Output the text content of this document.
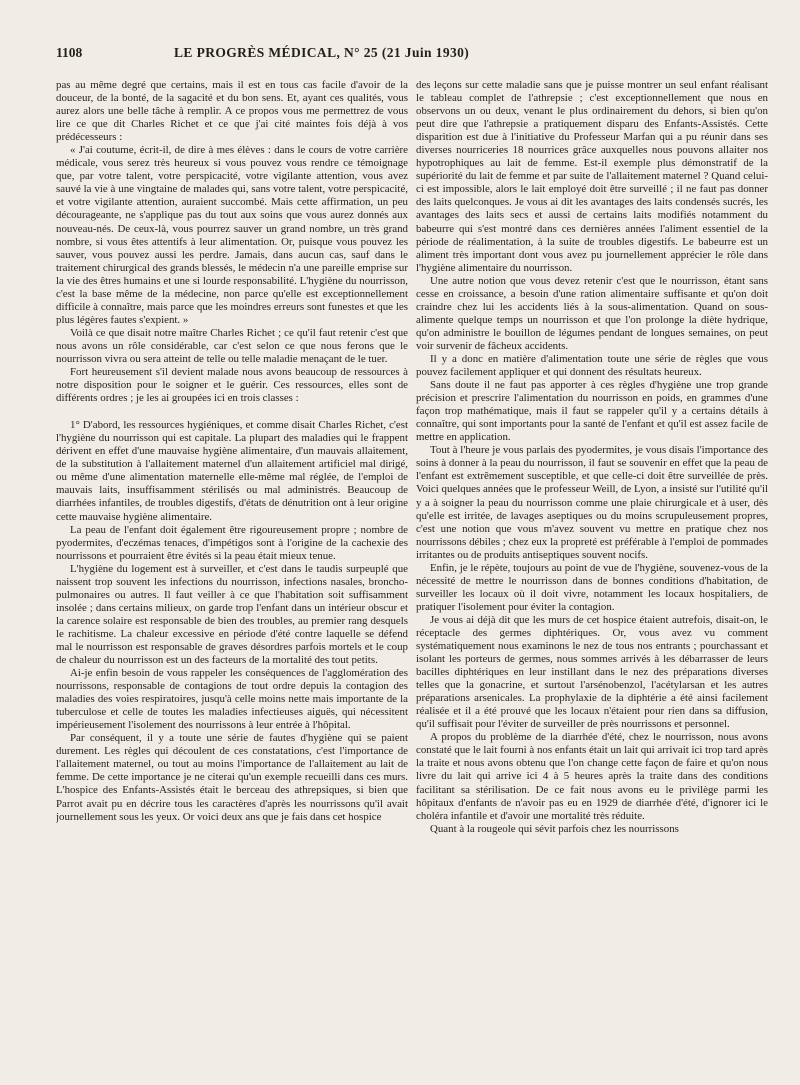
1108	LE PROGRÈS MÉDICAL, N° 25 (21 Juin 1930)

pas au même degré que certains, mais il est en tous cas facile d'avoir de la douceur, de la bonté, de la sagacité et du bon sens. Et, ayant ces qualités, vous aurez alors une belle tâche à remplir. A ce propos vous me permettrez de vous lire ce que dit Charles Richet et ce que j'ai cité maintes fois déjà à vos prédécesseurs :

« J'ai coutume, écrit-il, de dire à mes élèves : dans le cours de votre carrière médicale, vous serez très heureux si vous pouvez vous rendre ce témoignage que, par votre talent, votre perspicacité, votre vigilante attention, vous avez sauvé la vie à une vingtaine de malades qui, sans votre talent, votre perspicacité, et votre vigilante attention, auraient succombé. Mais cette affirmation, un peu décourageante, ne s'applique pas du tout aux soins que vous aurez donnés aux nouveau-nés. De ceux-là, vous pourrez sauver un grand nombre, un très grand nombre, si vous êtes attentifs à leur alimentation. Or, puisque vous pouvez les sauver, vous pouvez aussi les perdre. Jamais, dans aucun cas, sauf dans le traitement chirurgical des grands blessés, le médecin n'a une pareille emprise sur la vie des êtres humains et une si lourde responsabilité. L'hygiène du nourrisson, c'est la base même de la médecine, non parce qu'elle est exceptionnellement difficile à connaître, mais parce que les moindres erreurs sont funestes et que les plus légères fautes s'expient. »

Voilà ce que disait notre maître Charles Richet ; ce qu'il faut retenir c'est que nous avons un rôle considérable, car c'est selon ce que nous ferons que le nourrisson vivra ou sera atteint de telle ou telle maladie menaçant de le tuer.

Fort heureusement s'il devient malade nous avons beaucoup de ressources à notre disposition pour le soigner et le guérir. Ces ressources, elles sont de différents ordres ; je les ai groupées ici en trois classes :

1° D'abord, les ressources hygiéniques, et comme disait Charles Richet, c'est l'hygiène du nourrisson qui est capitale. La plupart des maladies qui le frappent dérivent en effet d'une mauvaise hygiène alimentaire, d'un mauvais allaitement, de la substitution à l'allaitement maternel d'un allaitement artificiel mal dirigé, ou même d'une alimentation maternelle elle-même mal réglée, de l'emploi de mauvais laits, insuffisamment stérilisés ou mal administrés. Beaucoup de diarrhées infantiles, de troubles digestifs, d'états de dénutrition ont à leur origine cette mauvaise hygiène alimentaire.

La peau de l'enfant doit également être rigoureusement propre ; nombre de pyodermites, d'eczémas tenaces, d'impétigos sont à l'origine de la cachexie des nourrissons et pourraient être évités si la peau était mieux tenue.

L'hygiène du logement est à surveiller, et c'est dans le taudis surpeuplé que naissent trop souvent les infections du nourrisson, infections nasales, broncho-pulmonaires ou autres. Il faut veiller à ce que l'habitation soit suffisamment insolée ; dans certains milieux, on garde trop l'enfant dans un intérieur obscur et la carence solaire est responsable de bien des troubles, au premier rang desquels le rachitisme. La chaleur excessive en période d'été contre laquelle se défend mal le nourrisson est responsable de graves désordres parfois mortels et le coup de chaleur du nourrisson est un des facteurs de la mortalité des tout petits.

Ai-je enfin besoin de vous rappeler les conséquences de l'agglomération des nourrissons, responsable de contagions de tout ordre depuis la contagion des maladies des voies respiratoires, jusqu'à celle moins nette mais importante de la tuberculose et celle de toutes les maladies infectieuses aiguës, qui nécessitent impérieusement l'isolement des nourrissons à leur entrée à l'hôpital.

Par conséquent, il y a toute une série de fautes d'hygiène qui se paient durement. Les règles qui découlent de ces constatations, c'est l'importance de l'allaitement maternel, ou tout au moins l'importance de l'allaitement au lait de femme. De cette importance je ne citerai qu'un exemple recueilli dans ces murs. L'hospice des Enfants-Assistés était le berceau des athrepsiques, si bien que Parrot avait pu en décrire tous les caractères d'après les nourrissons qu'il avait journellement sous les yeux. Or voici deux ans que je fais dans cet hospice

des leçons sur cette maladie sans que je puisse montrer un seul enfant réalisant le tableau complet de l'athrepsie ; c'est exceptionnellement que nous en observons un ou deux, venant le plus ordinairement du dehors, si bien qu'on peut dire que l'athrepsie a pratiquement disparu des Enfants-Assistés. Cette disparition est due à l'initiative du Professeur Marfan qui a pu réunir dans ses diverses nourriceries 18 nourrices grâce auxquelles nous pouvons allaiter nos hypotrophiques au lait de femme. Est-il exemple plus démonstratif de la supériorité du lait de femme et par suite de l'allaitement maternel ? Quand celui-ci est impossible, alors le lait employé doit être surveillé ; il ne faut pas donner des laits quelconques. Je vous ai dit les avantages des laits condensés sucrés, les avantages des laits secs et aussi de certains laits modifiés notamment du babeurre qui s'est montré dans ces dernières années l'aliment essentiel de la période de réalimentation, à la suite de troubles digestifs. Le babeurre est un aliment très important dont vous avez pu journellement apprécier le rôle dans l'hygiène alimentaire du nourrisson.

Une autre notion que vous devez retenir c'est que le nourrisson, étant sans cesse en croissance, a besoin d'une ration alimentaire suffisante et qu'on doit craindre chez lui les accidents liés à la sous-alimentation. Quand on sous-alimente quelque temps un nourrisson et que l'on prolonge la diète hydrique, qu'on administre le bouillon de légumes pendant de longues semaines, on peut voir survenir de fâcheux accidents.

Il y a donc en matière d'alimentation toute une série de règles que vous pouvez facilement appliquer et qui donnent des résultats heureux.

Sans doute il ne faut pas apporter à ces règles d'hygiène une trop grande précision et prescrire l'alimentation du nourrisson en poids, en grammes d'une façon trop mathématique, mais il faut se rappeler qu'il y a certains détails à connaître, qui sont importants pour la santé de l'enfant et qu'il est assez facile de mettre en application.

Tout à l'heure je vous parlais des pyodermites, je vous disais l'importance des soins à donner à la peau du nourrisson, il faut se souvenir en effet que la peau de l'enfant est extrêmement susceptible, et que celle-ci doit être surveillée de près. Voici quelques années que le professeur Weill, de Lyon, a insisté sur l'utilité qu'il y a à soigner la peau du nourrisson comme une plaie chirurgicale et à user, dès qu'elle est irritée, de lavages aseptiques ou du moins scrupuleusement propres, c'est une notion que vous m'avez souvent vu mettre en pratique chez nos nourrissons débiles ; chez eux la propreté est préférable à l'emploi de pommades irritantes ou de produits antiseptiques souvent nocifs.

Enfin, je le répète, toujours au point de vue de l'hygiène, souvenez-vous de la nécessité de mettre le nourrisson dans de bonnes conditions d'habitation, de surveiller les locaux où il doit vivre, notamment les locaux hospitaliers, de pratiquer l'isolement pour éviter la contagion.

Je vous ai déjà dit que les murs de cet hospice étaient autrefois, disait-on, le réceptacle des germes diphtériques. Or, vous avez vu comment systématiquement nous examinons le nez de tous nos entrants ; pourchassant et isolant les porteurs de germes, nous sommes arrivés à les débarrasser de leurs bacilles diphtériques en leur instillant dans le nez des préparations diverses telles que la gonacrine, et surtout l'arsénobenzol, l'acétylarsan et les autres préparations arsenicales. La prophylaxie de la diphtérie a été ainsi facilement réalisée et il a été prouvé que les locaux n'étaient pour rien dans sa diffusion, qu'il suffisait pour l'éviter de surveiller de près nourrissons et personnel.

A propos du problème de la diarrhée d'été, chez le nourrisson, nous avons constaté que le lait fourni à nos enfants était un lait qui arrivait ici trop tard après la traite et nous avons obtenu que l'on change cette façon de faire et qu'on nous livre du lait qui arrive ici 4 à 5 heures après la traite dans des conditions facilitant sa stérilisation. De ce fait nous avons eu le privilège parmi les hôpitaux d'enfants de n'avoir pas eu en 1929 de diarrhée d'été, d'ignorer ici le choléra infantile et d'avoir une mortalité très réduite.

Quant à la rougeole qui sévit parfois chez les nourrissons
